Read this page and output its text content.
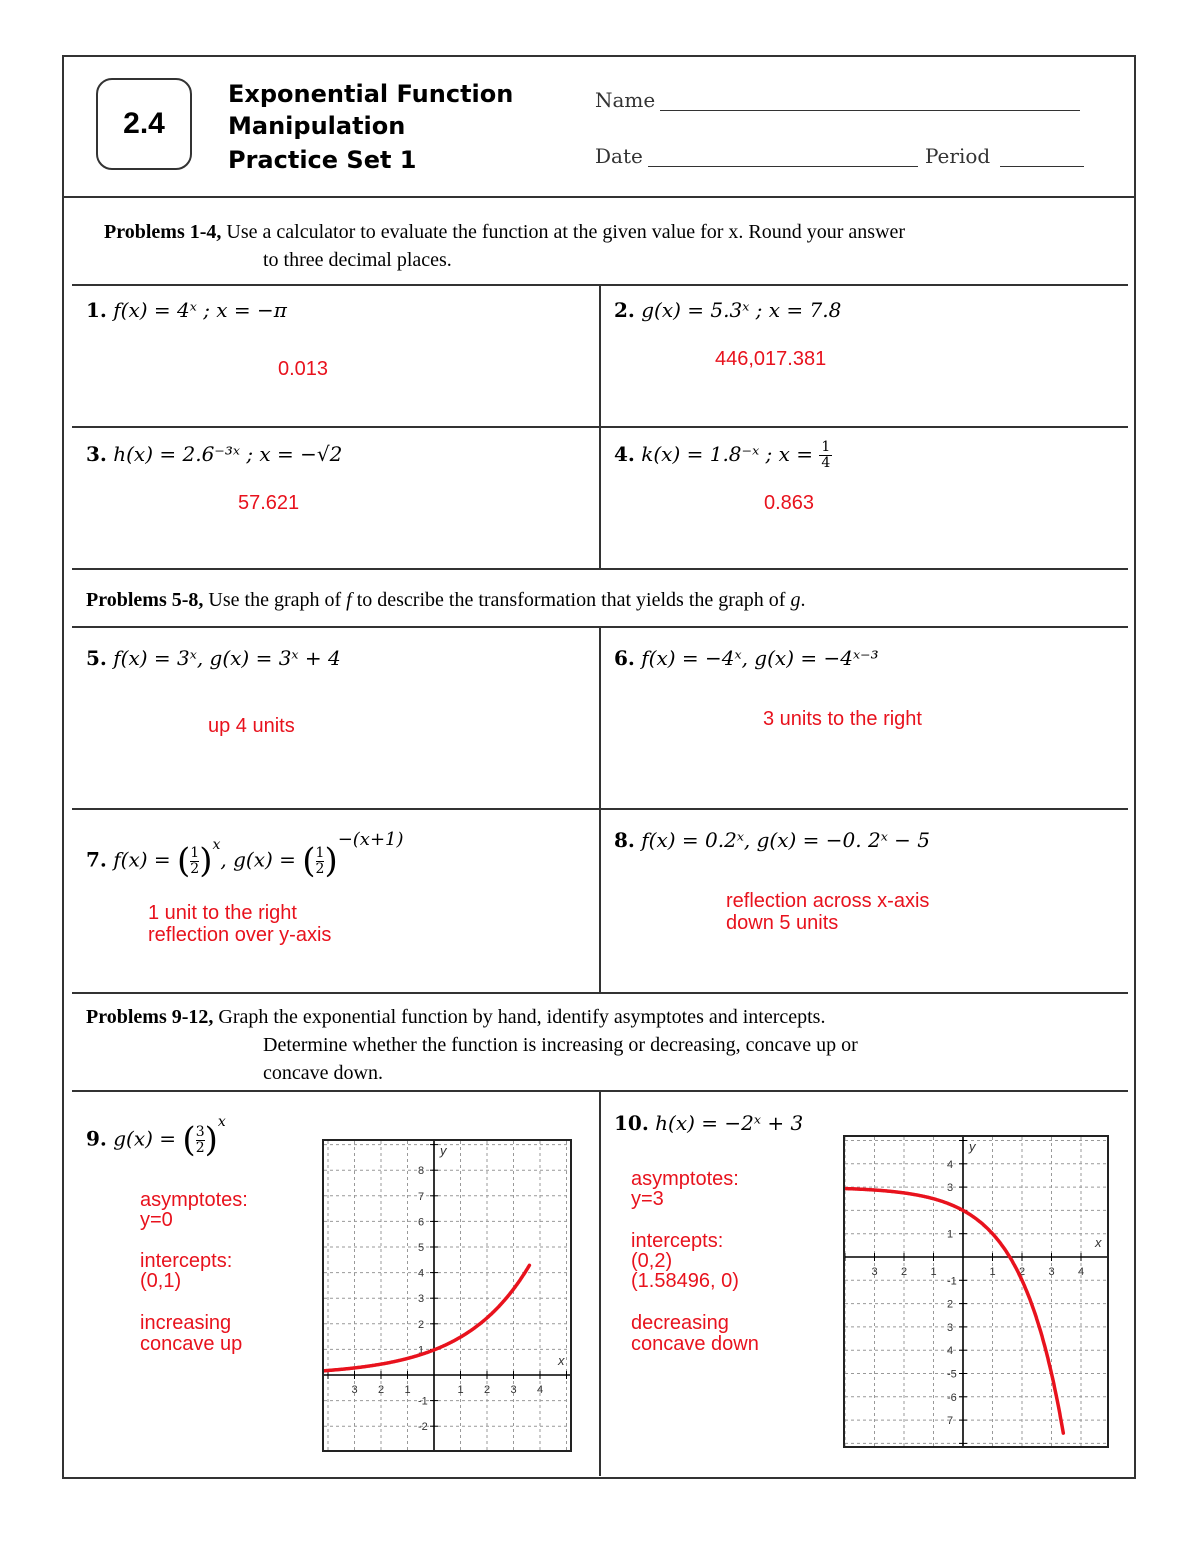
2.4
Exponential Function
Manipulation
Practice Set 1
Name
Date	Period
Problems 1-4, Use a calculator to evaluate the function at the given value for x. Round your answer
to three decimal places.
1. f(x) = 4ˣ ; x = −π
0.013
2. g(x) = 5.3ˣ ; x = 7.8
446,017.381
3. h(x) = 2.6⁻³ˣ ; x = −√2
57.621
4. k(x) = 1.8⁻ˣ ; $x = \frac{1}{4}$
0.863
Problems 5-8, Use the graph of f to describe the transformation that yields the graph of g.
5. f(x) = 3ˣ, g(x) = 3ˣ + 4
up 4 units
6. f(x) = −4ˣ, g(x) = −4ˣ⁻³
3 units to the right
7. f(x) = ( $\frac{1}{2} )^x$, g(x) = ( $\frac{1}{2} )^{-(x+1)}$
1 unit to the right
reflection over y-axis
8. f(x) = 0.2ˣ, g(x) = −0. 2ˣ − 5
reflection across x-axis
down 5 units
Problems 9-12, Graph the exponential function by hand, identify asymptotes and intercepts.
Determine whether the function is increasing or decreasing, concave up or
concave down.
9. g(x) = ( $\frac{3}{2} )^x$
asymptotes:
y=0
intercepts:
(0,1)
increasing
concave up
3 2 1	1 2 3 4
8
7
6
5
4
3
2
1
-1
-2
x
y
10. h(x) = −2ˣ + 3
asymptotes:
y=3
intercepts:
(0,2)
(1.58496, 0)
decreasing
concave down
3 2 1	1 2 3 4
4
3
1
-1
2
3
4
-5
-6
7
x
y
